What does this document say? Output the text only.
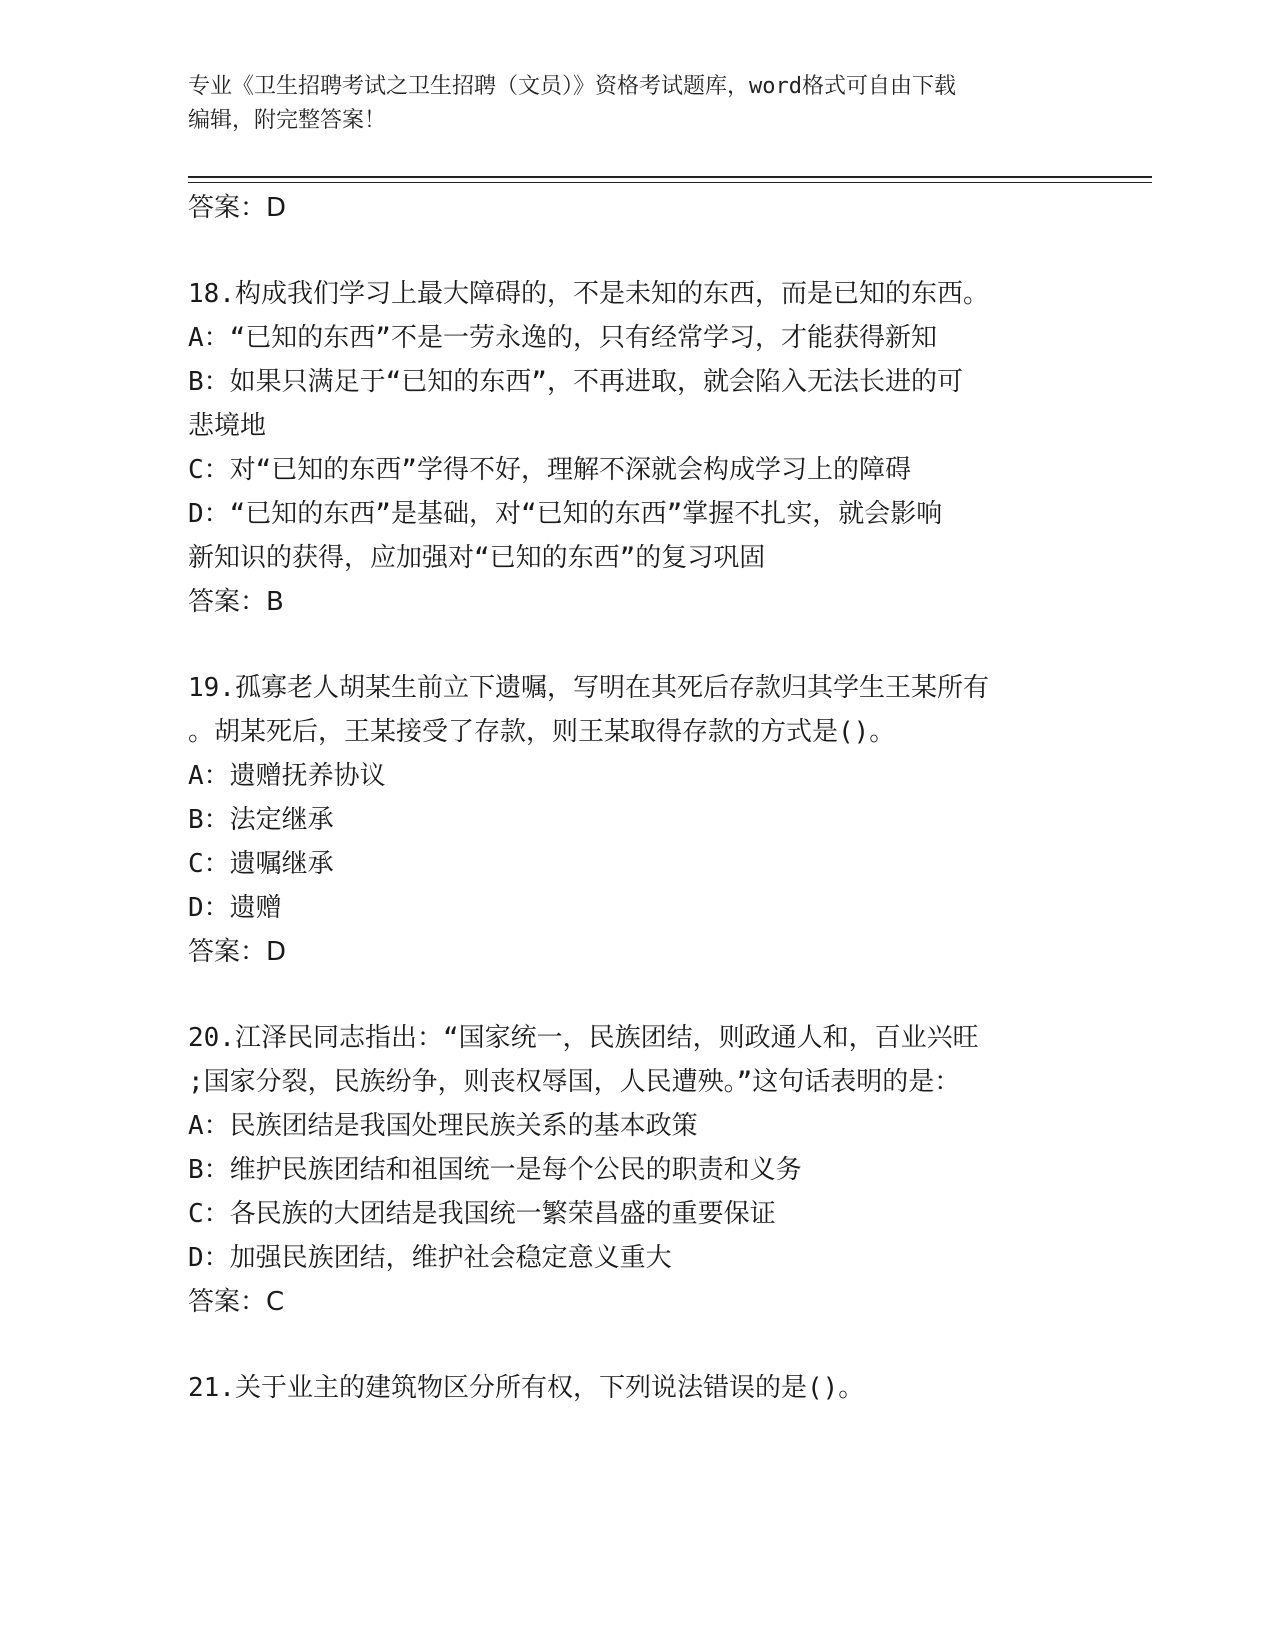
专业《卫生招聘考试之卫生招聘（文员）》资格考试题库，word格式可自由下载
编辑，附完整答案！
答案：D
18.构成我们学习上最大障碍的，不是未知的东西，而是已知的东西。
A：“已知的东西”不是一劳永逸的，只有经常学习，才能获得新知
B：如果只满足于“已知的东西”，不再进取，就会陷入无法长进的可
悲境地
C：对“已知的东西”学得不好，理解不深就会构成学习上的障碍
D：“已知的东西”是基础，对“已知的东西”掌握不扎实，就会影响
新知识的获得，应加强对“已知的东西”的复习巩固
答案：B
19.孤寡老人胡某生前立下遗嘱，写明在其死后存款归其学生王某所有
。胡某死后，王某接受了存款，则王某取得存款的方式是()。
A：遗赠抚养协议
B：法定继承
C：遗嘱继承
D：遗赠
答案：D
20.江泽民同志指出：“国家统一，民族团结，则政通人和，百业兴旺
;国家分裂，民族纷争，则丧权辱国，人民遭殃。”这句话表明的是：
A：民族团结是我国处理民族关系的基本政策
B：维护民族团结和祖国统一是每个公民的职责和义务
C：各民族的大团结是我国统一繁荣昌盛的重要保证
D：加强民族团结，维护社会稳定意义重大
答案：C
21.关于业主的建筑物区分所有权，下列说法错误的是()。
